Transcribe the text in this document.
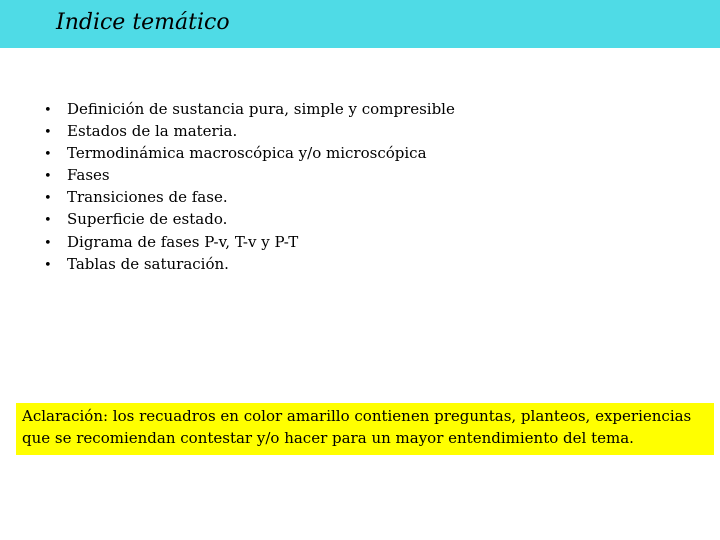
Indice temático
•	Definición de sustancia pura, simple y compresible
•	Estados de la materia.
•	Termodinámica macroscópica y/o microscópica
•	Fases
•	Transiciones de fase.
•	Superficie de estado.
•	Digrama de fases P-v, T-v y P-T
•	Tablas de saturación.
Aclaración: los recuadros en color amarillo contienen preguntas, planteos, experiencias que se recomiendan contestar y/o hacer para un mayor entendimiento del tema.
